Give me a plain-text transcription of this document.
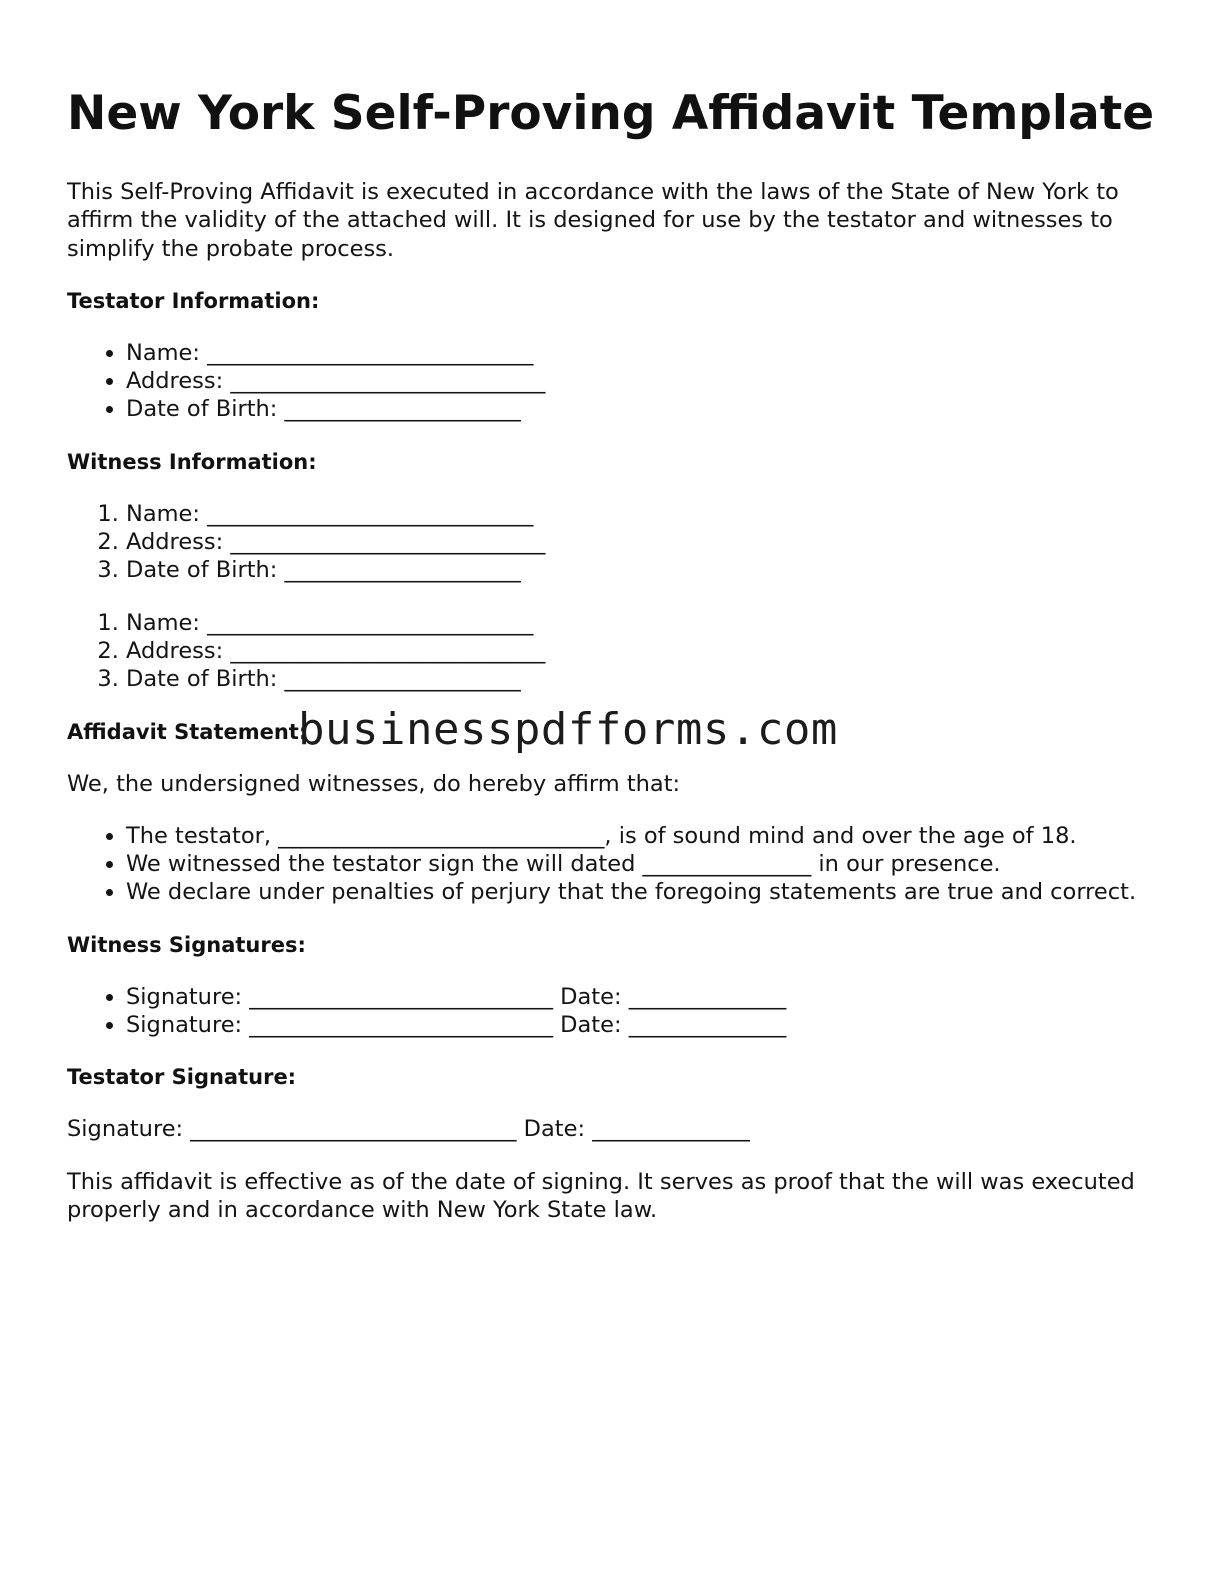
New York Self-Proving Affidavit Template

This Self-Proving Affidavit is executed in accordance with the laws of the State of New York to affirm the validity of the attached will. It is designed for use by the testator and witnesses to simplify the probate process.

Testator Information:
• Name: _____________________________
• Address: ____________________________
• Date of Birth: _____________________
Witness Information:
1. Name: _____________________________
2. Address: ____________________________
3. Date of Birth: _____________________
1. Name: _____________________________
2. Address: ____________________________
3. Date of Birth: _____________________
Affidavit Statement:
businesspdfforms.com

We, the undersigned witnesses, do hereby affirm that:

• The testator, _____________________________, is of sound mind and over the age of 18.
• We witnessed the testator sign the will dated _______________ in our presence.
• We declare under penalties of perjury that the foregoing statements are true and correct.
Witness Signatures:
• Signature: ___________________________ Date: ______________
• Signature: ___________________________ Date: ______________
Testator Signature:

Signature: _____________________________ Date: ______________

This affidavit is effective as of the date of signing. It serves as proof that the will was executed properly and in accordance with New York State law.
